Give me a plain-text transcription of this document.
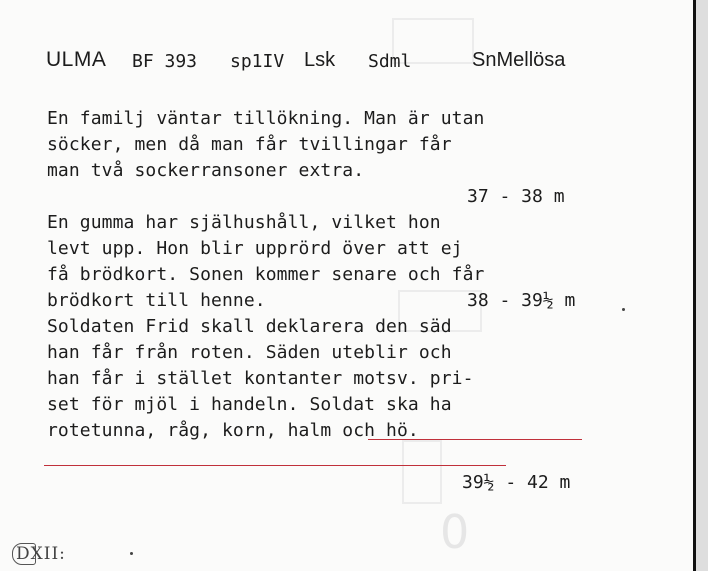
0
ULMA BF 393 sp1IV Lsk Sdml	SnMellösa
En familj väntar tillökning. Man är utan
söcker, men då man får tvillingar får
man två sockerransoner extra.
37 - 38 m
En gumma har själhushåll, vilket hon
levt upp. Hon blir upprörd över att ej
få brödkort. Sonen kommer senare och får
brödkort till henne.	38 - 39½ m
Soldaten Frid skall deklarera den säd
han får från roten. Säden uteblir och
han får i stället kontanter motsv. pri-
set för mjöl i handeln. Soldat ska ha
rotetunna, råg, korn, halm och hö.
39½ - 42 m
DXII:
